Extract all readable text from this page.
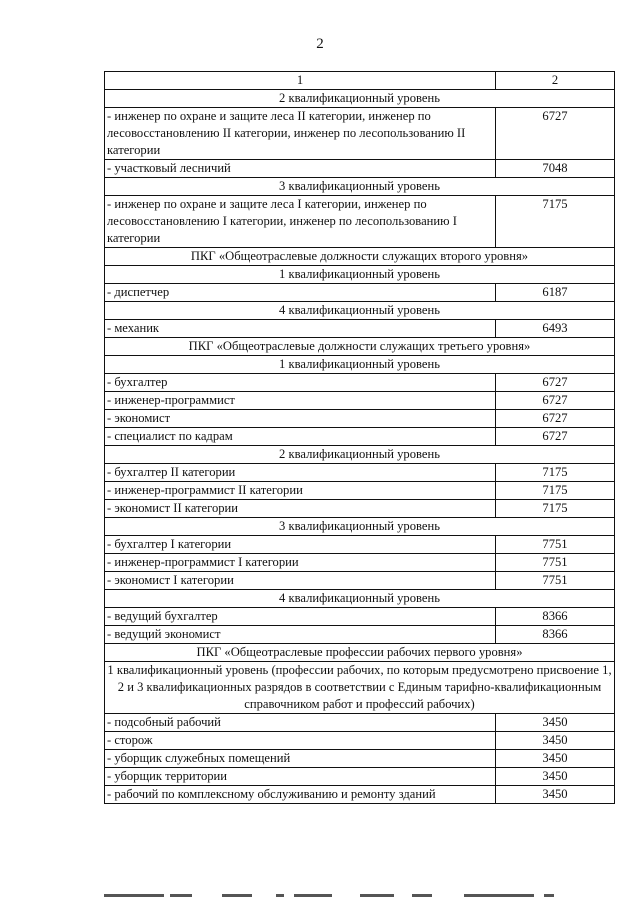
2
1	2
2 квалификационный уровень	
- инженер по охране и защите леса II категории, инженер по лесовосстановлению II категории, инженер по лесопользованию II категории	6727
- участковый лесничий	7048
3 квалификационный уровень	
- инженер по охране и защите леса I категории, инженер по лесовосстановлению I категории, инженер по лесопользованию I категории	7175
ПКГ «Общеотраслевые должности служащих второго уровня»	
1 квалификационный уровень	
- диспетчер	6187
4 квалификационный уровень	
- механик	6493
ПКГ «Общеотраслевые должности служащих третьего уровня»	
1 квалификационный уровень	
- бухгалтер	6727
- инженер-программист	6727
- экономист	6727
- специалист по кадрам	6727
2 квалификационный уровень	
- бухгалтер II категории	7175
- инженер-программист II категории	7175
- экономист II категории	7175
3 квалификационный уровень	
- бухгалтер I категории	7751
- инженер-программист I категории	7751
- экономист I категории	7751
4 квалификационный уровень	
- ведущий бухгалтер	8366
- ведущий экономист	8366
ПКГ «Общеотраслевые профессии рабочих первого уровня»	
1 квалификационный уровень (профессии рабочих, по которым предусмотрено присвоение 1, 2 и 3 квалификационных разрядов в соответствии с Единым тарифно-квалификационным справочником работ и профессий рабочих)	
- подсобный рабочий	3450
- сторож	3450
- уборщик служебных помещений	3450
- уборщик территории	3450
- рабочий по комплексному обслуживанию и ремонту зданий	3450
